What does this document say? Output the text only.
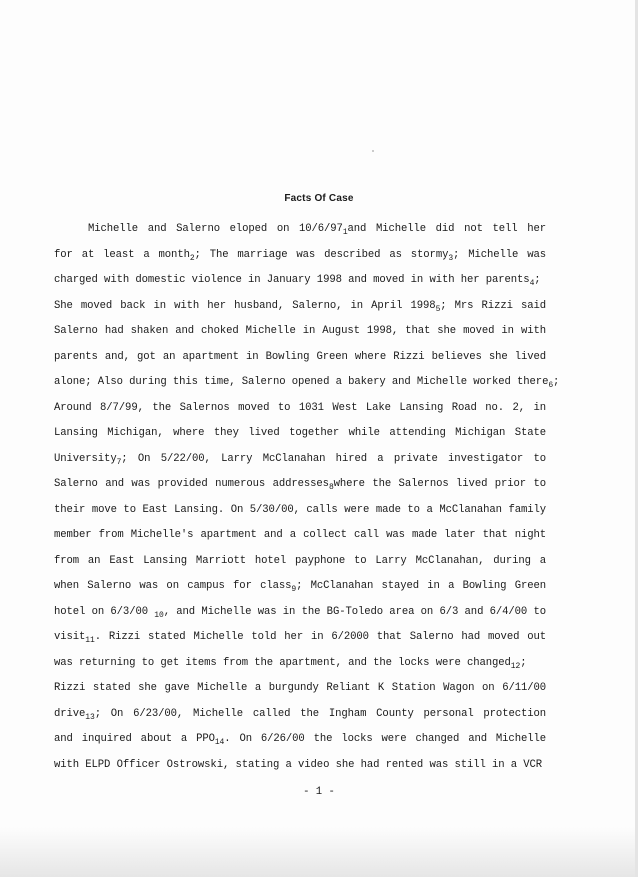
Facts Of Case
Michelle and Salerno eloped on $10/6/97_1and$ Michelle did not tell her
for at least a month$_2$; The marriage was described as stormy$_3$; Michelle was
charged with domestic violence in January 1998 and moved in with her parents$_4$;
She moved back in with her husband, Salerno, in April $1998_5$; Mrs Rizzi said
Salerno had shaken and choked Michelle in August 1998, that she moved in with
parents and, got an apartment in Bowling Green where Rizzi believes she lived
alone; Also during this time, Salerno opened a bakery and Michelle worked there$_6$;
Around 8/7/99, the Salernos moved to 1031 West Lake Lansing Road no. 2, in
Lansing Michigan, where they lived together while attending Michigan State
University$_7$; On 5/22/00, Larry McClanahan hired a private investigator to
Salerno and was provided numerous addresses$_8$where the Salernos lived prior to
their move to East Lansing. On 5/30/00, calls were made to a McClanahan family
member from Michelle's apartment and a collect call was made later that night
from an East Lansing Marriott hotel payphone to Larry McClanahan, during a
when Salerno was on campus for class$_9$; McClanahan stayed in a Bowling Green
hotel on 6/3/00 $_{10}$, and Michelle was in the BG-Toledo area on 6/3 and 6/4/00 to
visit$_{11}$. Rizzi stated Michelle told her in 6/2000 that Salerno had moved out
was returning to get items from the apartment, and the locks were changed$_{12}$;
Rizzi stated she gave Michelle a burgundy Reliant K Station Wagon on 6/11/00
drive$_{13}$; On 6/23/00, Michelle called the Ingham County personal protection
and inquired about a $PPO_{14}$. On 6/26/00 the locks were changed and Michelle
with ELPD Officer Ostrowski, stating a video she had rented was still in a VCR
- 1 -
